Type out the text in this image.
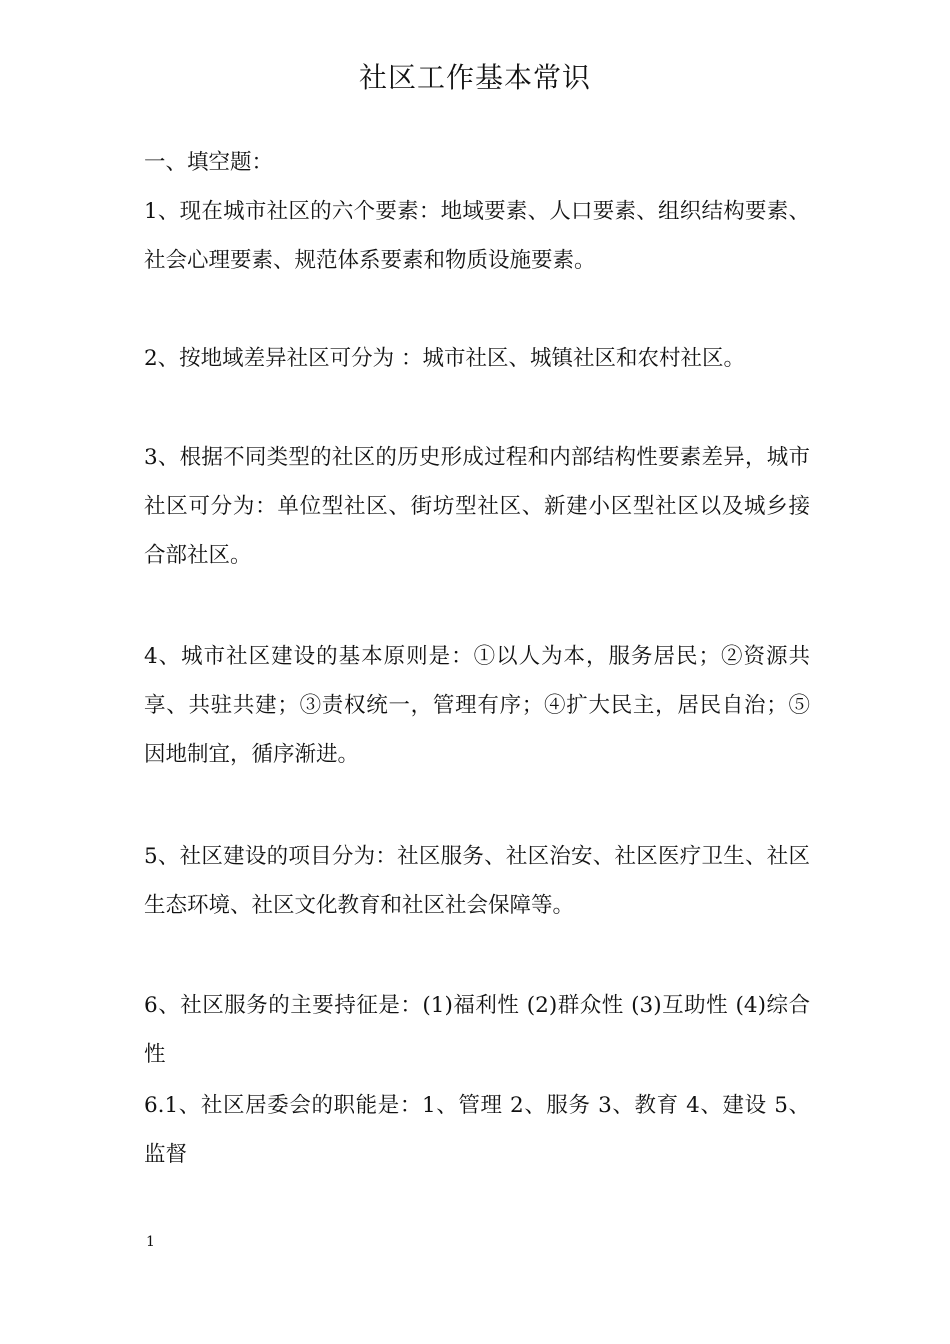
社区工作基本常识
一、填空题：
1、现在城市社区的六个要素：地域要素、人口要素、组织结构要素、社会心理要素、规范体系要素和物质设施要素。
2、按地域差异社区可分为 ：城市社区、城镇社区和农村社区。
3、根据不同类型的社区的历史形成过程和内部结构性要素差异，城市社区可分为：单位型社区、街坊型社区、新建小区型社区以及城乡接合部社区。
4、城市社区建设的基本原则是：①以人为本，服务居民；②资源共享、共驻共建；③责权统一，管理有序；④扩大民主，居民自治；⑤因地制宜，循序渐进。
5、社区建设的项目分为：社区服务、社区治安、社区医疗卫生、社区生态环境、社区文化教育和社区社会保障等。
6、社区服务的主要持征是：(1)福利性 (2)群众性 (3)互助性 (4)综合性
6.1、社区居委会的职能是：1、管理 2、服务 3、教育 4、建设 5、监督
1
